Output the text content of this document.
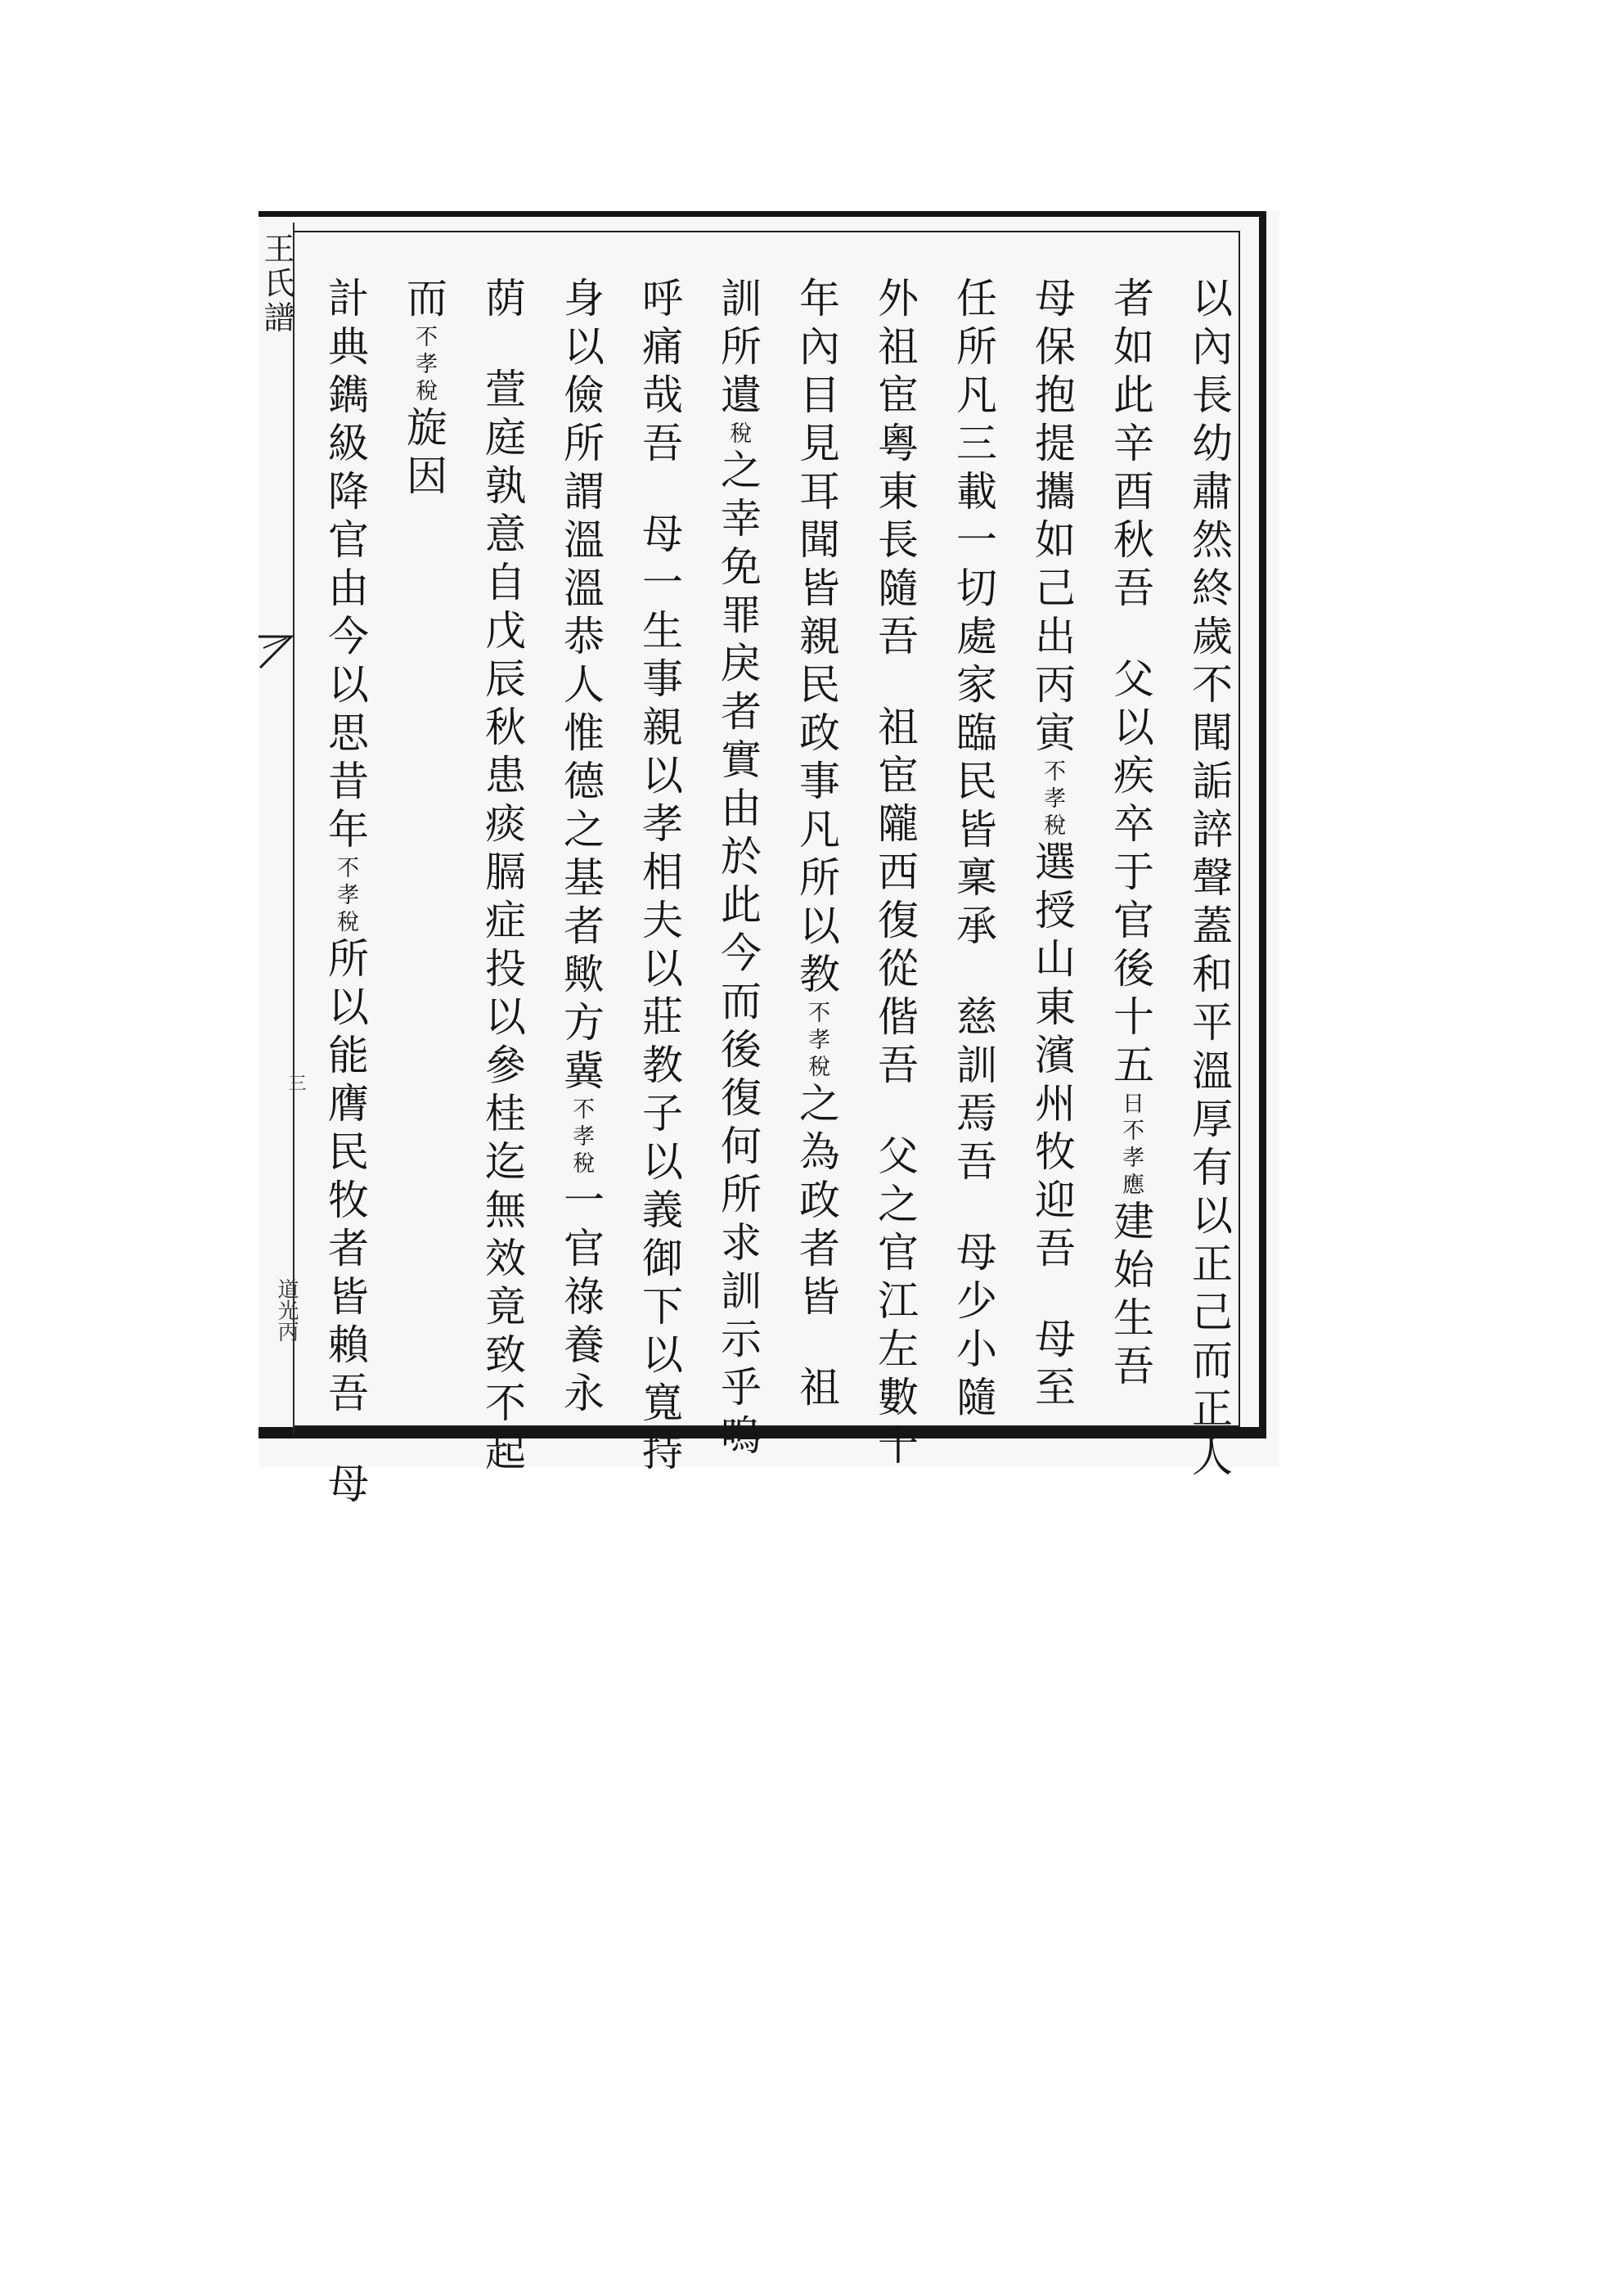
王氏譜
三
道光丙	以內長幼肅然終歲不聞詬誶聲蓋和平溫厚有以正己而正人
者如此辛酉秋吾父以疾卒于官後十五日不孝應建始生吾
母保抱提攜如己出丙寅不孝稅選授山東濱州牧迎吾母至
任所凡三載一切處家臨民皆稟承慈訓焉吾母少小隨
外祖宦粵東長隨吾祖宦隴西復從偕吾父之官江左數十
年內目見耳聞皆親民政事凡所以教不孝稅之為政者皆祖
訓所遺稅之幸免罪戾者實由於此今而後復何所求訓示乎嗚
呼痛哉吾母一生事親以孝相夫以莊教子以義御下以寬持
身以儉所謂溫溫恭人惟德之基者歟方冀不孝稅一官祿養永
荫萱庭孰意自戊辰秋患痰膈症投以參桂迄無效竟致不起
而不孝稅旋因
計典鐫級降官由今以思昔年不孝稅所以能膺民牧者皆賴吾母
